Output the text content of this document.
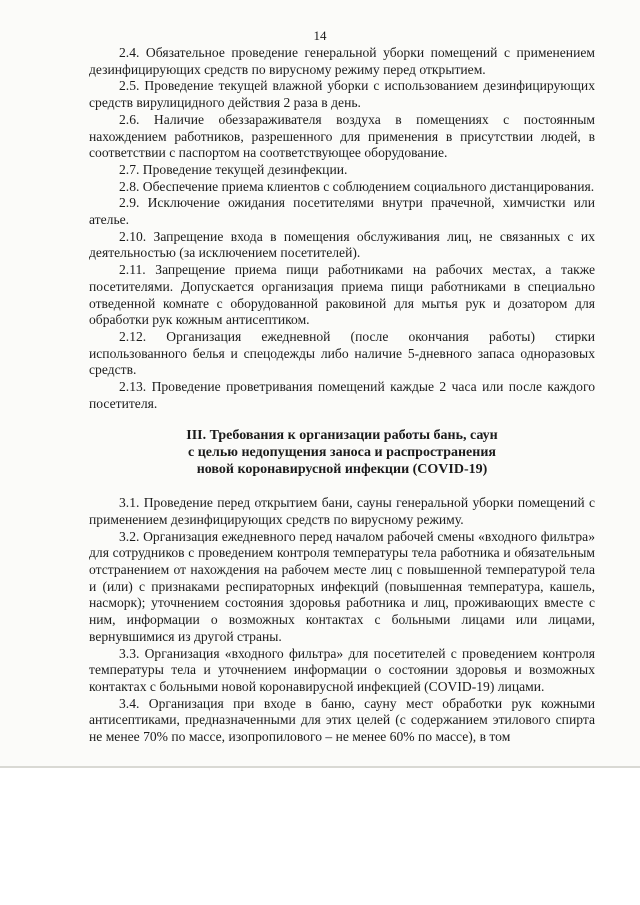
14

2.4. Обязательное проведение генеральной уборки помещений с применением дезинфицирующих средств по вирусному режиму перед открытием.

2.5. Проведение текущей влажной уборки с использованием дезинфицирующих средств вирулицидного действия 2 раза в день.

2.6. Наличие обеззараживателя воздуха в помещениях с постоянным нахождением работников, разрешенного для применения в присутствии людей, в соответствии с паспортом на соответствующее оборудование.

2.7. Проведение текущей дезинфекции.

2.8. Обеспечение приема клиентов с соблюдением социального дистанцирования.

2.9. Исключение ожидания посетителями внутри прачечной, химчистки или ателье.

2.10. Запрещение входа в помещения обслуживания лиц, не связанных с их деятельностью (за исключением посетителей).

2.11. Запрещение приема пищи работниками на рабочих местах, а также посетителями. Допускается организация приема пищи работниками в специально отведенной комнате с оборудованной раковиной для мытья рук и дозатором для обработки рук кожным антисептиком.

2.12. Организация ежедневной (после окончания работы) стирки использованного белья и спецодежды либо наличие 5-дневного запаса одноразовых средств.

2.13. Проведение проветривания помещений каждые 2 часа или после каждого посетителя.

III. Требования к организации работы бань, саун
с целью недопущения заноса и распространения
новой коронавирусной инфекции (COVID-19)

3.1. Проведение перед открытием бани, сауны генеральной уборки помещений с применением дезинфицирующих средств по вирусному режиму.

3.2. Организация ежедневного перед началом рабочей смены «входного фильтра» для сотрудников с проведением контроля температуры тела работника и обязательным отстранением от нахождения на рабочем месте лиц с повышенной температурой тела и (или) с признаками респираторных инфекций (повышенная температура, кашель, насморк); уточнением состояния здоровья работника и лиц, проживающих вместе с ним, информации о возможных контактах с больными лицами или лицами, вернувшимися из другой страны.

3.3. Организация «входного фильтра» для посетителей с проведением контроля температуры тела и уточнением информации о состоянии здоровья и возможных контактах с больными новой коронавирусной инфекцией (COVID-19) лицами.

3.4. Организация при входе в баню, сауну мест обработки рук кожными антисептиками, предназначенными для этих целей (с содержанием этилового спирта не менее 70% по массе, изопропилового – не менее 60% по массе), в том
